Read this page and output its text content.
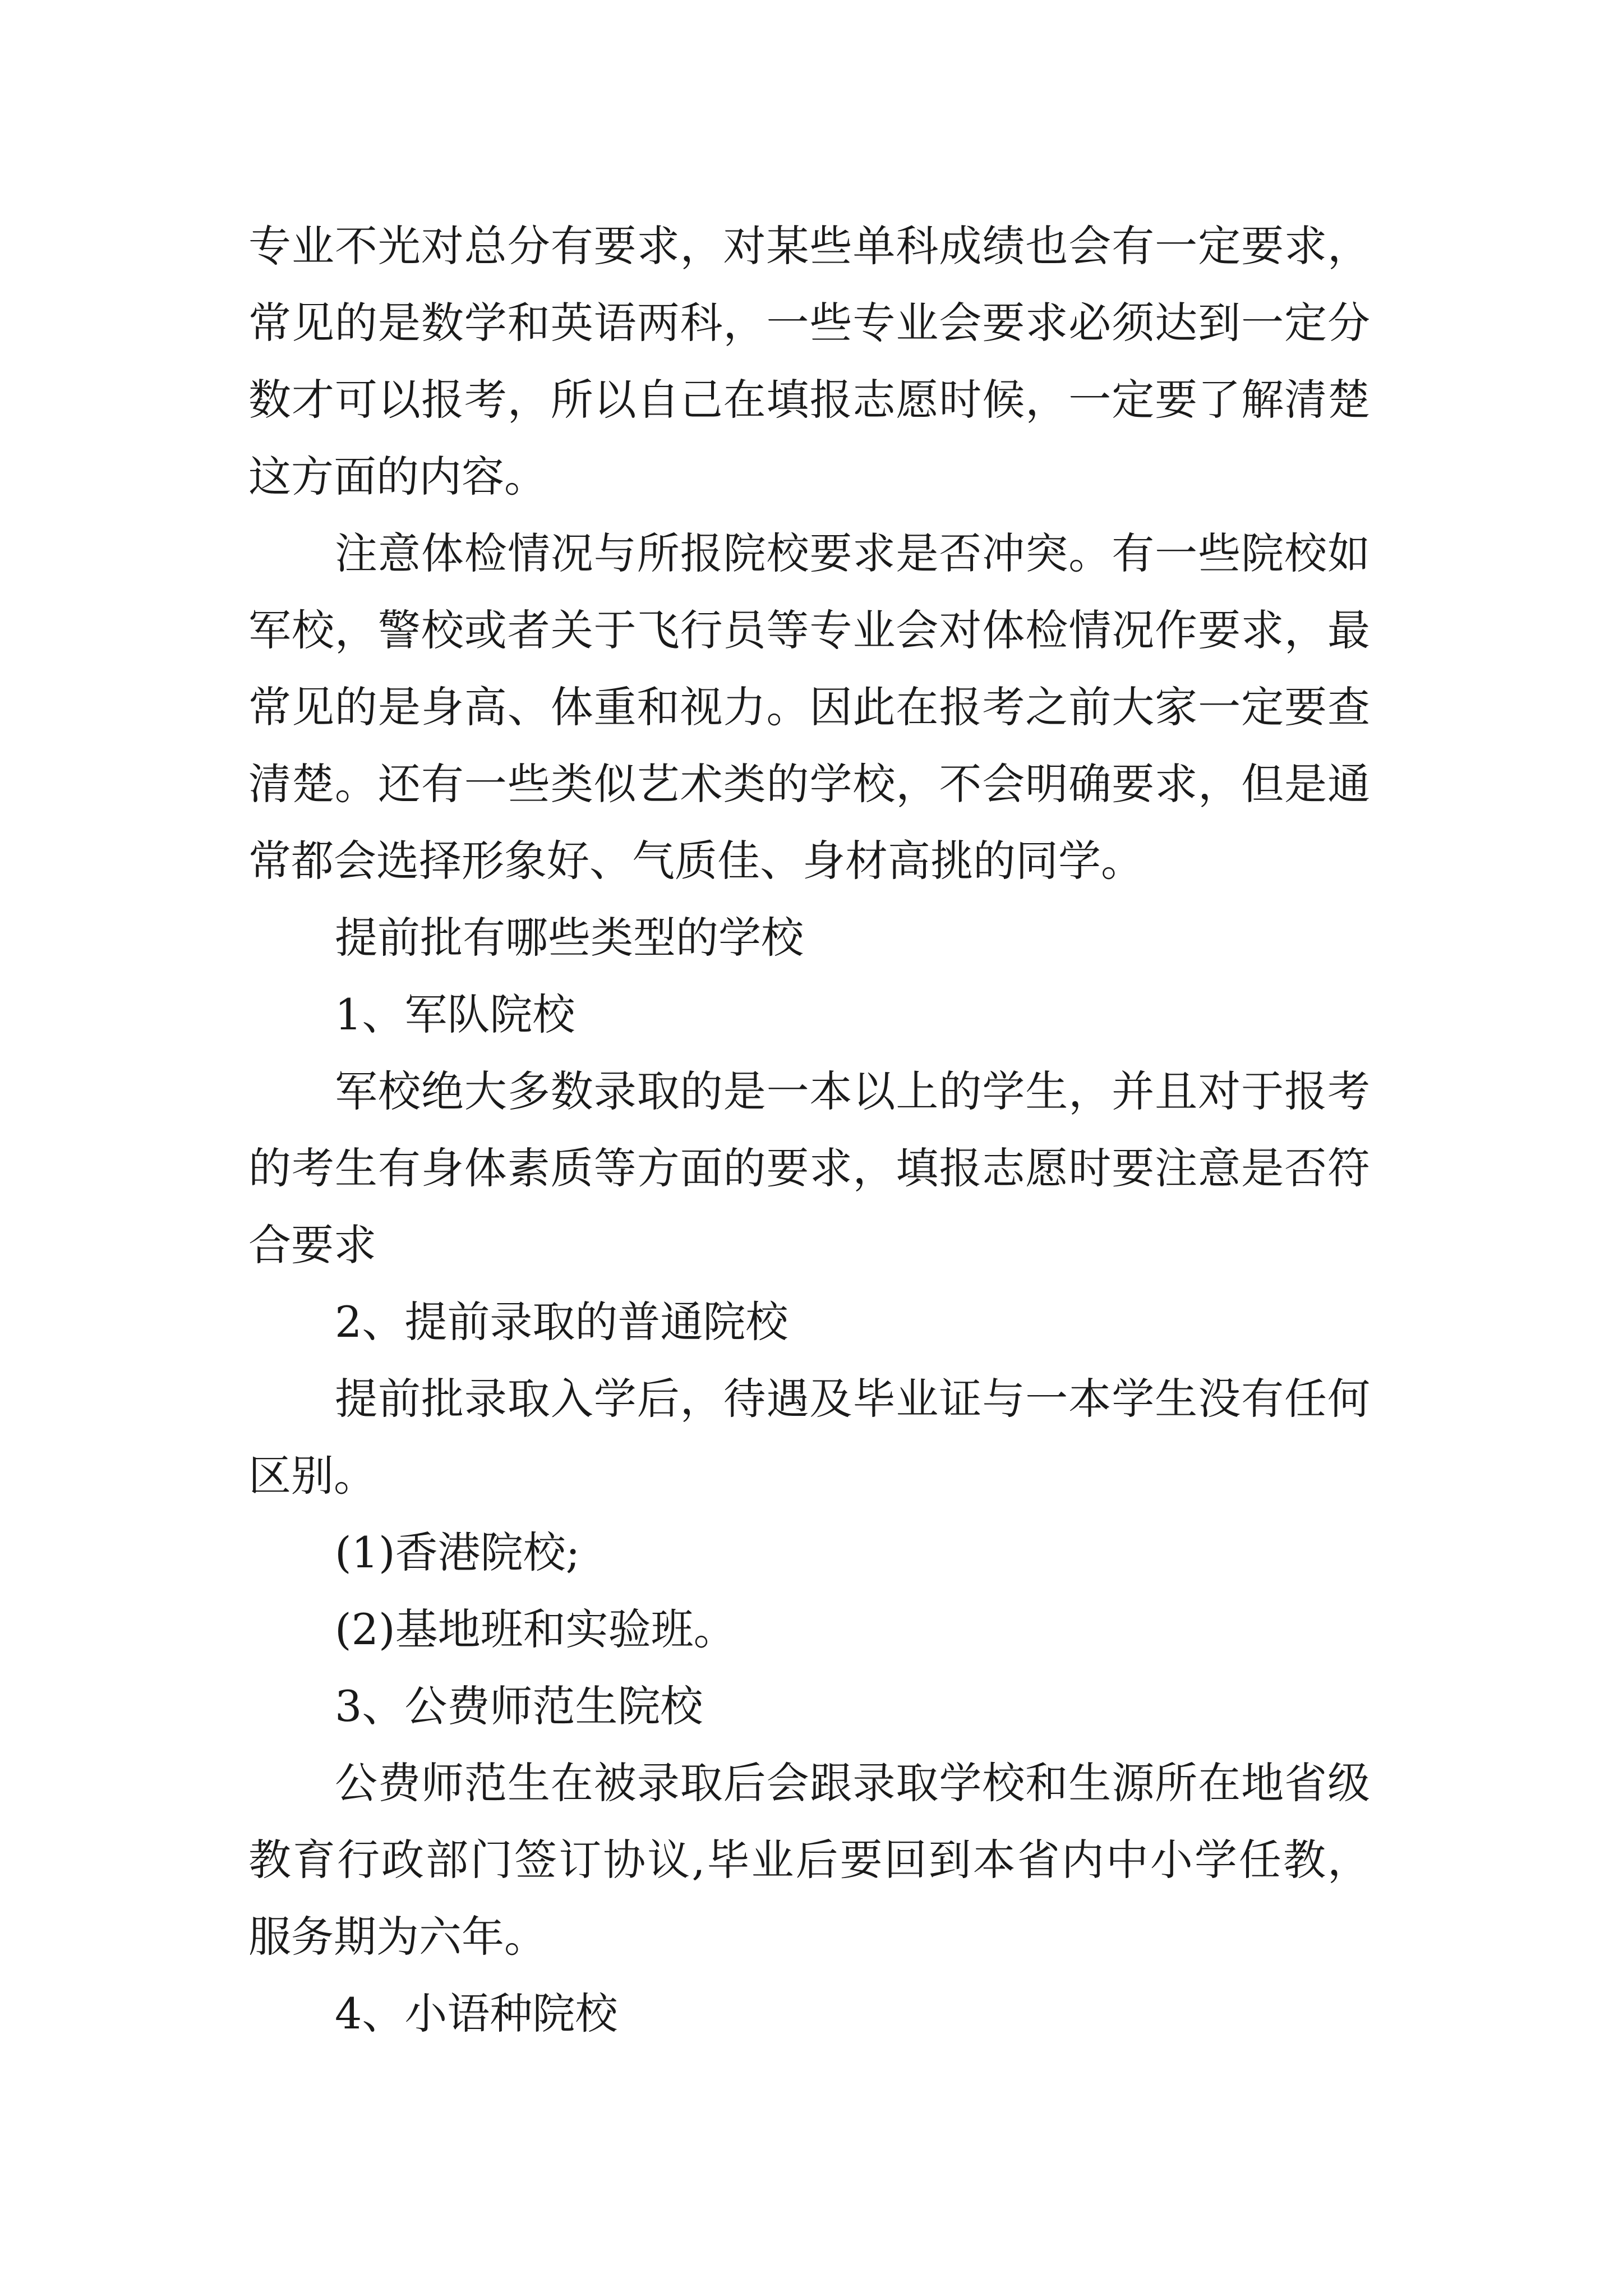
专业不光对总分有要求，对某些单科成绩也会有一定要求，常见的是数学和英语两科，一些专业会要求必须达到一定分数才可以报考，所以自己在填报志愿时候，一定要了解清楚这方面的内容。

注意体检情况与所报院校要求是否冲突。有一些院校如军校，警校或者关于飞行员等专业会对体检情况作要求，最常见的是身高、体重和视力。因此在报考之前大家一定要查清楚。还有一些类似艺术类的学校，不会明确要求，但是通常都会选择形象好、气质佳、身材高挑的同学。

提前批有哪些类型的学校

1、军队院校

军校绝大多数录取的是一本以上的学生，并且对于报考的考生有身体素质等方面的要求，填报志愿时要注意是否符合要求

2、提前录取的普通院校

提前批录取入学后，待遇及毕业证与一本学生没有任何区别。

(1)香港院校;

(2)基地班和实验班。

3、公费师范生院校

公费师范生在被录取后会跟录取学校和生源所在地省级教育行政部门签订协议,毕业后要回到本省内中小学任教，服务期为六年。

4、小语种院校
